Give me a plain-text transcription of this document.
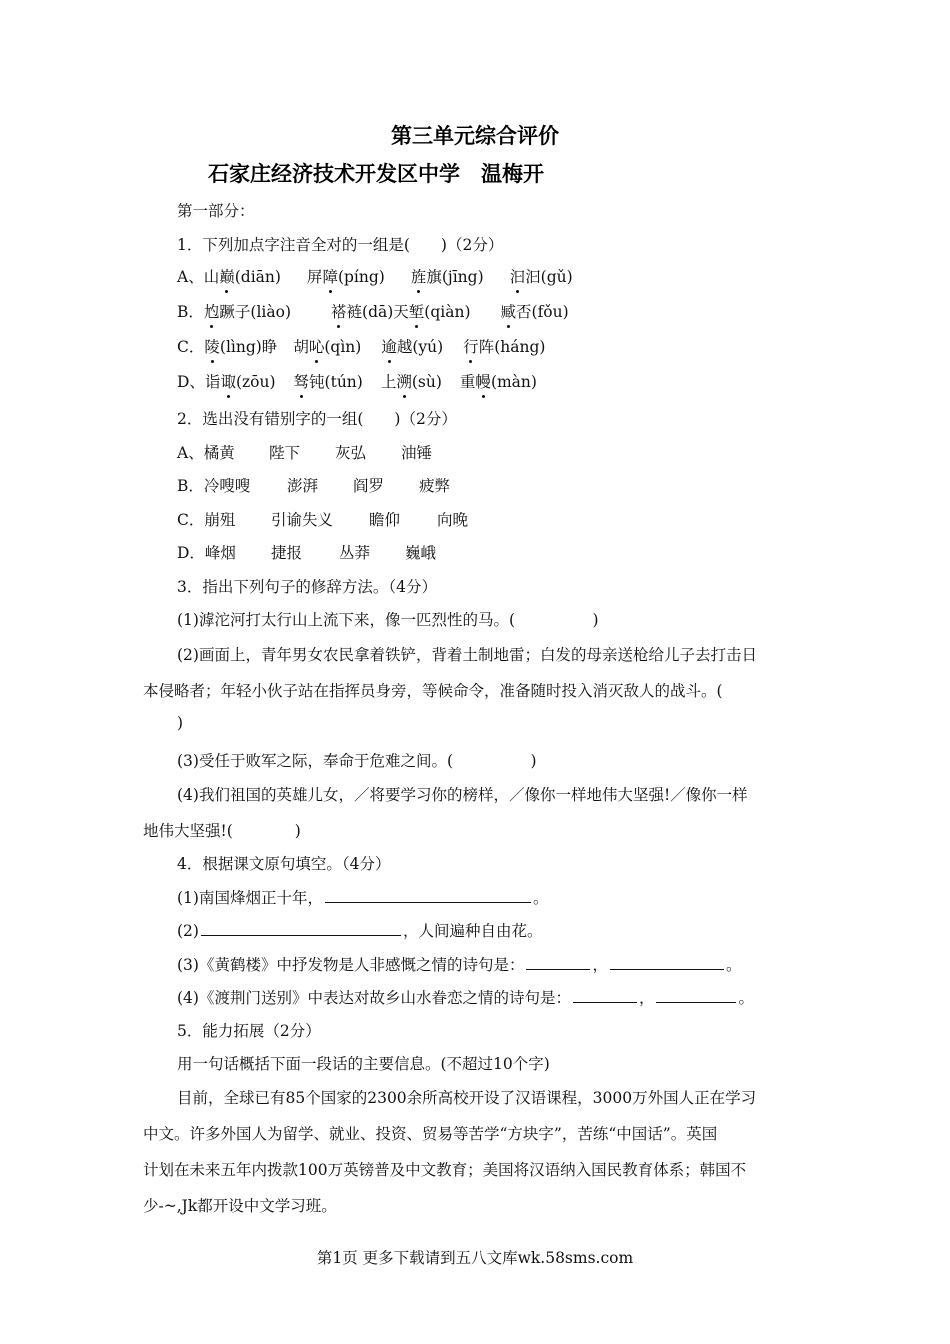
第三单元综合评价
石家庄经济技术开发区中学　温梅开
第一部分：
1．下列加点字注音全对的一组是(　　)（2分）
A、山巅(diān) 屏障(píng) 旌旗(jīng) 汩汩(gǔ)
B．尥蹶子(liào)	褡裢(dā)天堑(qiàn) 臧否(fǒu)
C．陵(lìng)睁 胡吣(qìn) 逾越(yú) 行阵(háng)
D、诣诹(zōu) 驽钝(tún) 上溯(sù) 重幔(màn)
2．选出没有错别字的一组(　　)（2分）
A、橘黄 陛下 灰弘 油锤
B．冷嗖嗖 澎湃 阎罗 疲弊
C．崩殂 引谕失义 瞻仰 向晚
D．峰烟 捷报 丛莽 巍峨
3．指出下列句子的修辞方法。（4分）
(1)滹沱河打太行山上流下来，像一匹烈性的马。(　　　　　)
(2)画面上，青年男女农民拿着铁铲，背着土制地雷；白发的母亲送枪给儿子去打击日
本侵略者；年轻小伙子站在指挥员身旁，等候命令，准备随时投入消灭敌人的战斗。(
)
(3)受任于败军之际，奉命于危难之间。(　　　　　)
(4)我们祖国的英雄儿女，／将要学习你的榜样，／像你一样地伟大坚强!／像你一样
地伟大坚强!(　　　　)
4．根据课文原句填空。（4分）
(1)南国烽烟正十年，	。
(2)	，人间遍种自由花。
(3)《黄鹤楼》中抒发物是人非感慨之情的诗句是：	，	。
(4)《渡荆门送别》中表达对故乡山水眷恋之情的诗句是：	，	。
5．能力拓展（2分）
用一句话概括下面一段话的主要信息。(不超过10个字)
目前，全球已有85个国家的2300余所高校开设了汉语课程，3000万外国人正在学习
中文。许多外国人为留学、就业、投资、贸易等苦学“方块字”，苦练“中国话”。英国
计划在未来五年内拨款100万英镑普及中文教育；美国将汉语纳入国民教育体系；韩国不
少-~,Jk都开设中文学习班。
第1页 更多下载请到五八文库wk.58sms.com
